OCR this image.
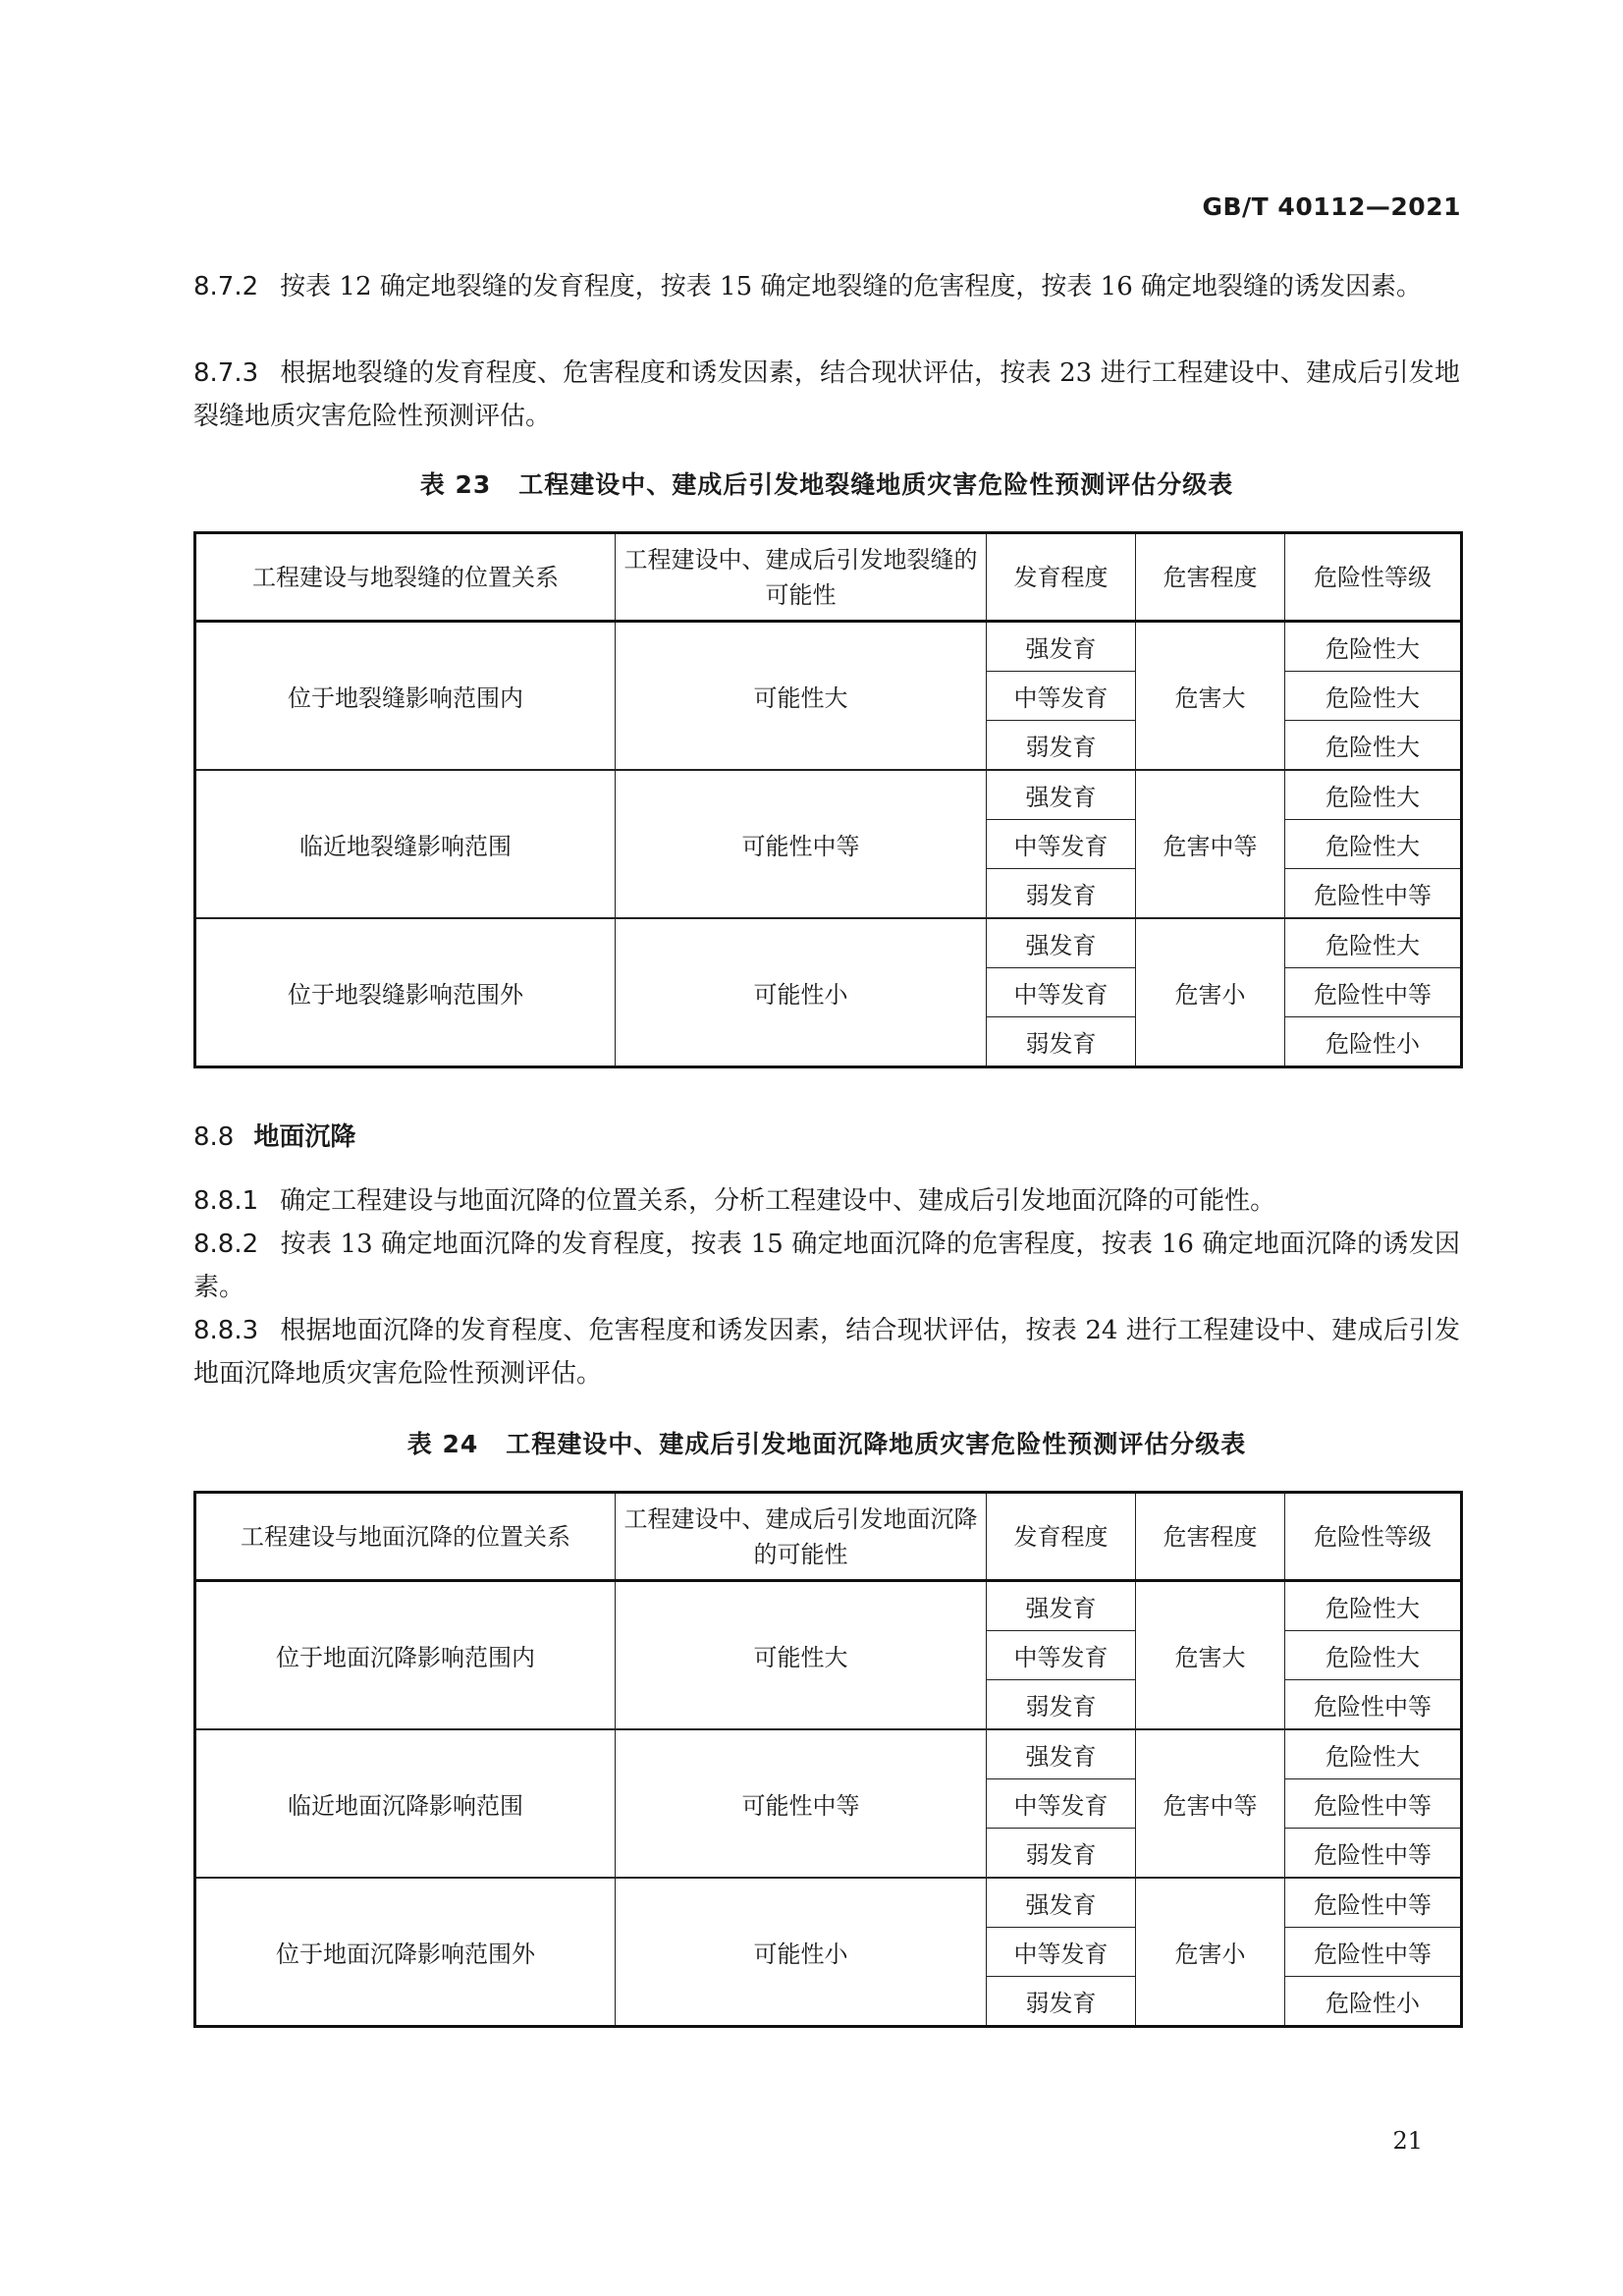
GB/T 40112—2021
8.7.2 按表 12 确定地裂缝的发育程度，按表 15 确定地裂缝的危害程度，按表 16 确定地裂缝的诱发因素。
8.7.3 根据地裂缝的发育程度、危害程度和诱发因素，结合现状评估，按表 23 进行工程建设中、建成后引发地裂缝地质灾害危险性预测评估。
表 23 工程建设中、建成后引发地裂缝地质灾害危险性预测评估分级表
工程建设与地裂缝的位置关系	工程建设中、建成后引发地裂缝的可能性	发育程度	危害程度	危险性等级
位于地裂缝影响范围内	可能性大	强发育	危害大	危险性大
		中等发育		危险性大
		弱发育		危险性大
临近地裂缝影响范围	可能性中等	强发育	危害中等	危险性大
		中等发育		危险性大
		弱发育		危险性中等
位于地裂缝影响范围外	可能性小	强发育	危害小	危险性大
		中等发育		危险性中等
		弱发育		危险性小
8.8 地面沉降
8.8.1 确定工程建设与地面沉降的位置关系，分析工程建设中、建成后引发地面沉降的可能性。
8.8.2 按表 13 确定地面沉降的发育程度，按表 15 确定地面沉降的危害程度，按表 16 确定地面沉降的诱发因素。
8.8.3 根据地面沉降的发育程度、危害程度和诱发因素，结合现状评估，按表 24 进行工程建设中、建成后引发地面沉降地质灾害危险性预测评估。
表 24 工程建设中、建成后引发地面沉降地质灾害危险性预测评估分级表
工程建设与地面沉降的位置关系	工程建设中、建成后引发地面沉降的可能性	发育程度	危害程度	危险性等级
位于地面沉降影响范围内	可能性大	强发育	危害大	危险性大
		中等发育		危险性大
		弱发育		危险性中等
临近地面沉降影响范围	可能性中等	强发育	危害中等	危险性大
		中等发育		危险性中等
		弱发育		危险性中等
位于地面沉降影响范围外	可能性小	强发育	危害小	危险性中等
		中等发育		危险性中等
		弱发育		危险性小
21
